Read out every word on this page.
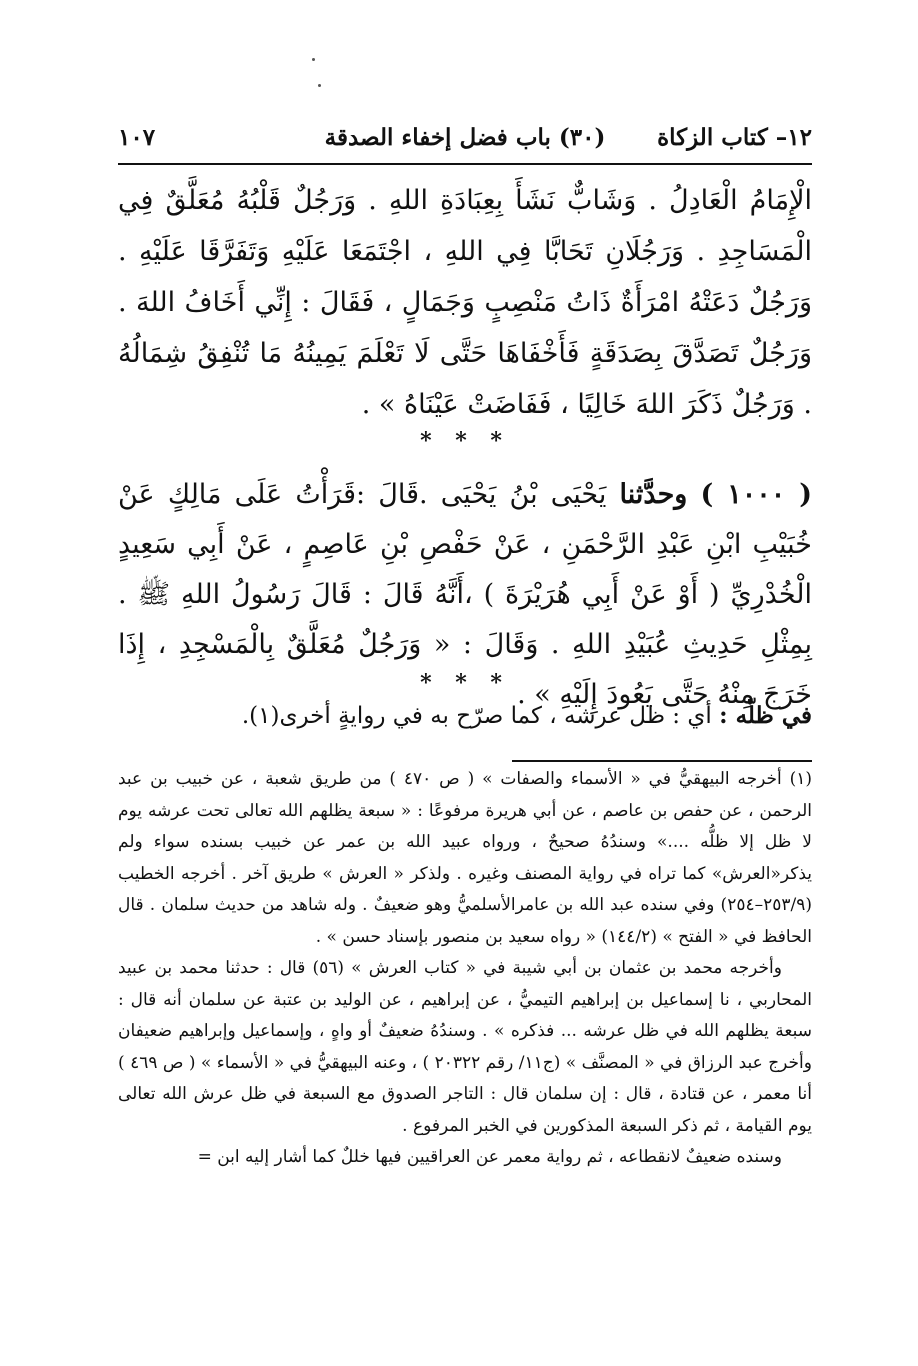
١٢– كتاب الزكاة
(٣٠) باب فضل إخفاء الصدقة
١٠٧
الْإِمَامُ الْعَادِلُ . وَشَابٌّ نَشَأَ بِعِبَادَةِ اللهِ . وَرَجُلٌ قَلْبُهُ مُعَلَّقٌ فِي الْمَسَاجِدِ . وَرَجُلَانِ تَحَابَّا فِي اللهِ ، اجْتَمَعَا عَلَيْهِ وَتَفَرَّقَا عَلَيْهِ . وَرَجُلٌ دَعَتْهُ امْرَأَةٌ ذَاتُ مَنْصِبٍ وَجَمَالٍ ، فَقَالَ : إِنِّي أَخَافُ اللهَ . وَرَجُلٌ تَصَدَّقَ بِصَدَقَةٍ فَأَخْفَاهَا حَتَّى لَا تَعْلَمَ يَمِينُهُ مَا تُنْفِقُ شِمَالُهُ . وَرَجُلٌ ذَكَرَ اللهَ خَالِيًا ، فَفَاضَتْ عَيْنَاهُ » .
* * *
( ١٠٠٠ ) وحدَّثنا يَحْيَى بْنُ يَحْيَى .قَالَ :قَرَأْتُ عَلَى مَالِكٍ عَنْ خُبَيْبِ ابْنِ عَبْدِ الرَّحْمَنِ ، عَنْ حَفْصِ بْنِ عَاصِمٍ ، عَنْ أَبِي سَعِيدٍ الْخُدْرِيِّ ( أَوْ عَنْ أَبِي هُرَيْرَةَ ) ،أَنَّهُ قَالَ : قَالَ رَسُولُ اللهِ ﷺ . بِمِثْلِ حَدِيثِ عُبَيْدِ اللهِ . وَقَالَ : « وَرَجُلٌ مُعَلَّقٌ بِالْمَسْجِدِ ، إِذَا خَرَجَ مِنْهُ حَتَّى يَعُودَ إِلَيْهِ » .
* * *
في ظلّه : أي : ظل عرشه ، كما صرّح به في روايةٍ أخرى(١).

(١) أخرجه البيهقيُّ في « الأسماء والصفات » ( ص ٤٧٠ ) من طريق شعبة ، عن خبيب بن عبد الرحمن ، عن حفص بن عاصم ، عن أبي هريرة مرفوعًا : « سبعة يظلهم الله تعالى تحت عرشه يوم لا ظل إلا ظلُّه ....» وسندُهُ صحيحٌ ، ورواه عبيد الله بن عمر عن خبيب بسنده سواء ولم يذكر«العرش» كما تراه في رواية المصنف وغيره . ولذكر « العرش » طريق آخر . أخرجه الخطيب (٢٥٣/٩–٢٥٤) وفي سنده عبد الله بن عامرالأسلميُّ وهو ضعيفٌ . وله شاهد من حديث سلمان . قال الحافظ في « الفتح » (١٤٤/٢) « رواه سعيد بن منصور بإسناد حسن » .

وأخرجه محمد بن عثمان بن أبي شيبة في « كتاب العرش » (٥٦) قال : حدثنا محمد بن عبيد المحاربي ، نا إسماعيل بن إبراهيم التيميُّ ، عن إبراهيم ، عن الوليد بن عتبة عن سلمان أنه قال : سبعة يظلهم الله في ظل عرشه ... فذكره » . وسندُهُ ضعيفٌ أو واهٍ ، وإسماعيل وإبراهيم ضعيفان وأخرج عبد الرزاق في « المصنَّف » (ج١١/ رقم ٢٠٣٢٢ ) ، وعنه البيهقيُّ في « الأسماء » ( ص ٤٦٩ ) أنا معمر ، عن قتادة ، قال : إن سلمان قال : التاجر الصدوق مع السبعة في ظل عرش الله تعالى يوم القيامة ، ثم ذكر السبعة المذكورين في الخبر المرفوع .

وسنده ضعيفٌ لانقطاعه ، ثم رواية معمر عن العراقيين فيها خللٌ كما أشار إليه ابن =
